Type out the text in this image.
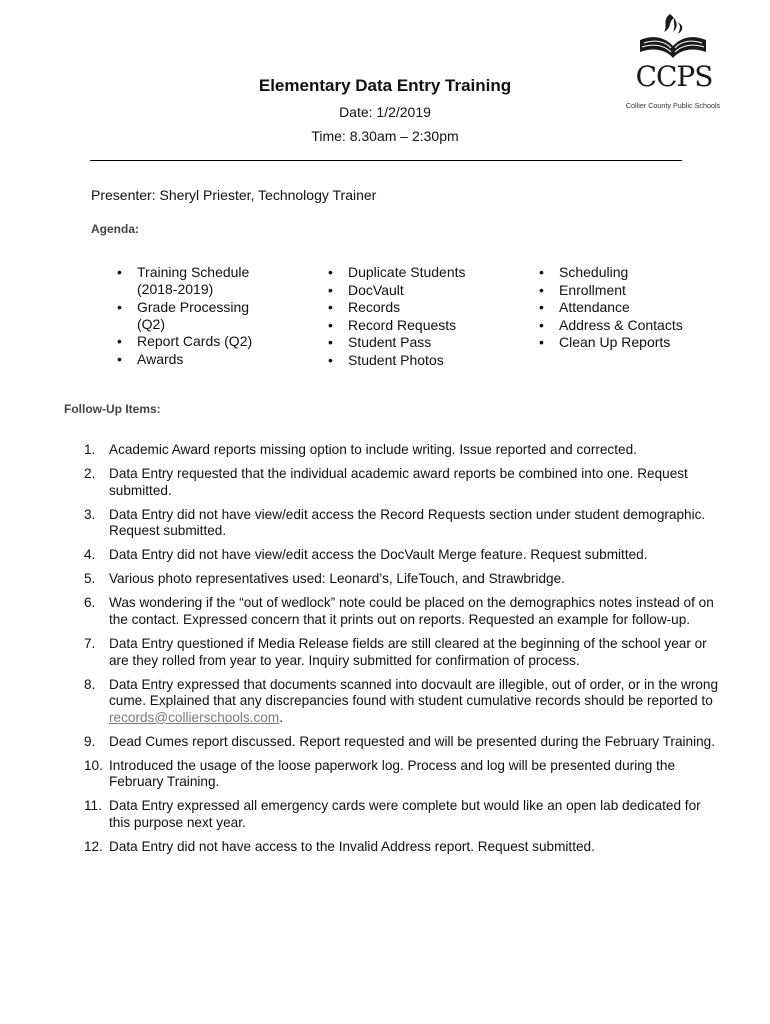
CCPS
Collier County Public Schools
Elementary Data Entry Training
Date: 1/2/2019
Time: 8.30am – 2:30pm
Presenter: Sheryl Priester, Technology Trainer
Agenda:
• Training Schedule (2018-2019)
• Grade Processing (Q2)
• Report Cards (Q2)
• Awards
• Duplicate Students
• DocVault
• Records
• Record Requests
• Student Pass
• Student Photos
• Scheduling
• Enrollment
• Attendance
• Address & Contacts
• Clean Up Reports
Follow-Up Items:
1. Academic Award reports missing option to include writing. Issue reported and corrected.
2. Data Entry requested that the individual academic award reports be combined into one. Request submitted.
3. Data Entry did not have view/edit access the Record Requests section under student demographic. Request submitted.
4. Data Entry did not have view/edit access the DocVault Merge feature. Request submitted.
5. Various photo representatives used: Leonard’s, LifeTouch, and Strawbridge.
6. Was wondering if the “out of wedlock” note could be placed on the demographics notes instead of on the contact. Expressed concern that it prints out on reports. Requested an example for follow-up.
7. Data Entry questioned if Media Release fields are still cleared at the beginning of the school year or are they rolled from year to year. Inquiry submitted for confirmation of process.
8. Data Entry expressed that documents scanned into docvault are illegible, out of order, or in the wrong cume. Explained that any discrepancies found with student cumulative records should be reported to records@collierschools.com.
9. Dead Cumes report discussed. Report requested and will be presented during the February Training.
10. Introduced the usage of the loose paperwork log. Process and log will be presented during the February Training.
11. Data Entry expressed all emergency cards were complete but would like an open lab dedicated for this purpose next year.
12. Data Entry did not have access to the Invalid Address report. Request submitted.
